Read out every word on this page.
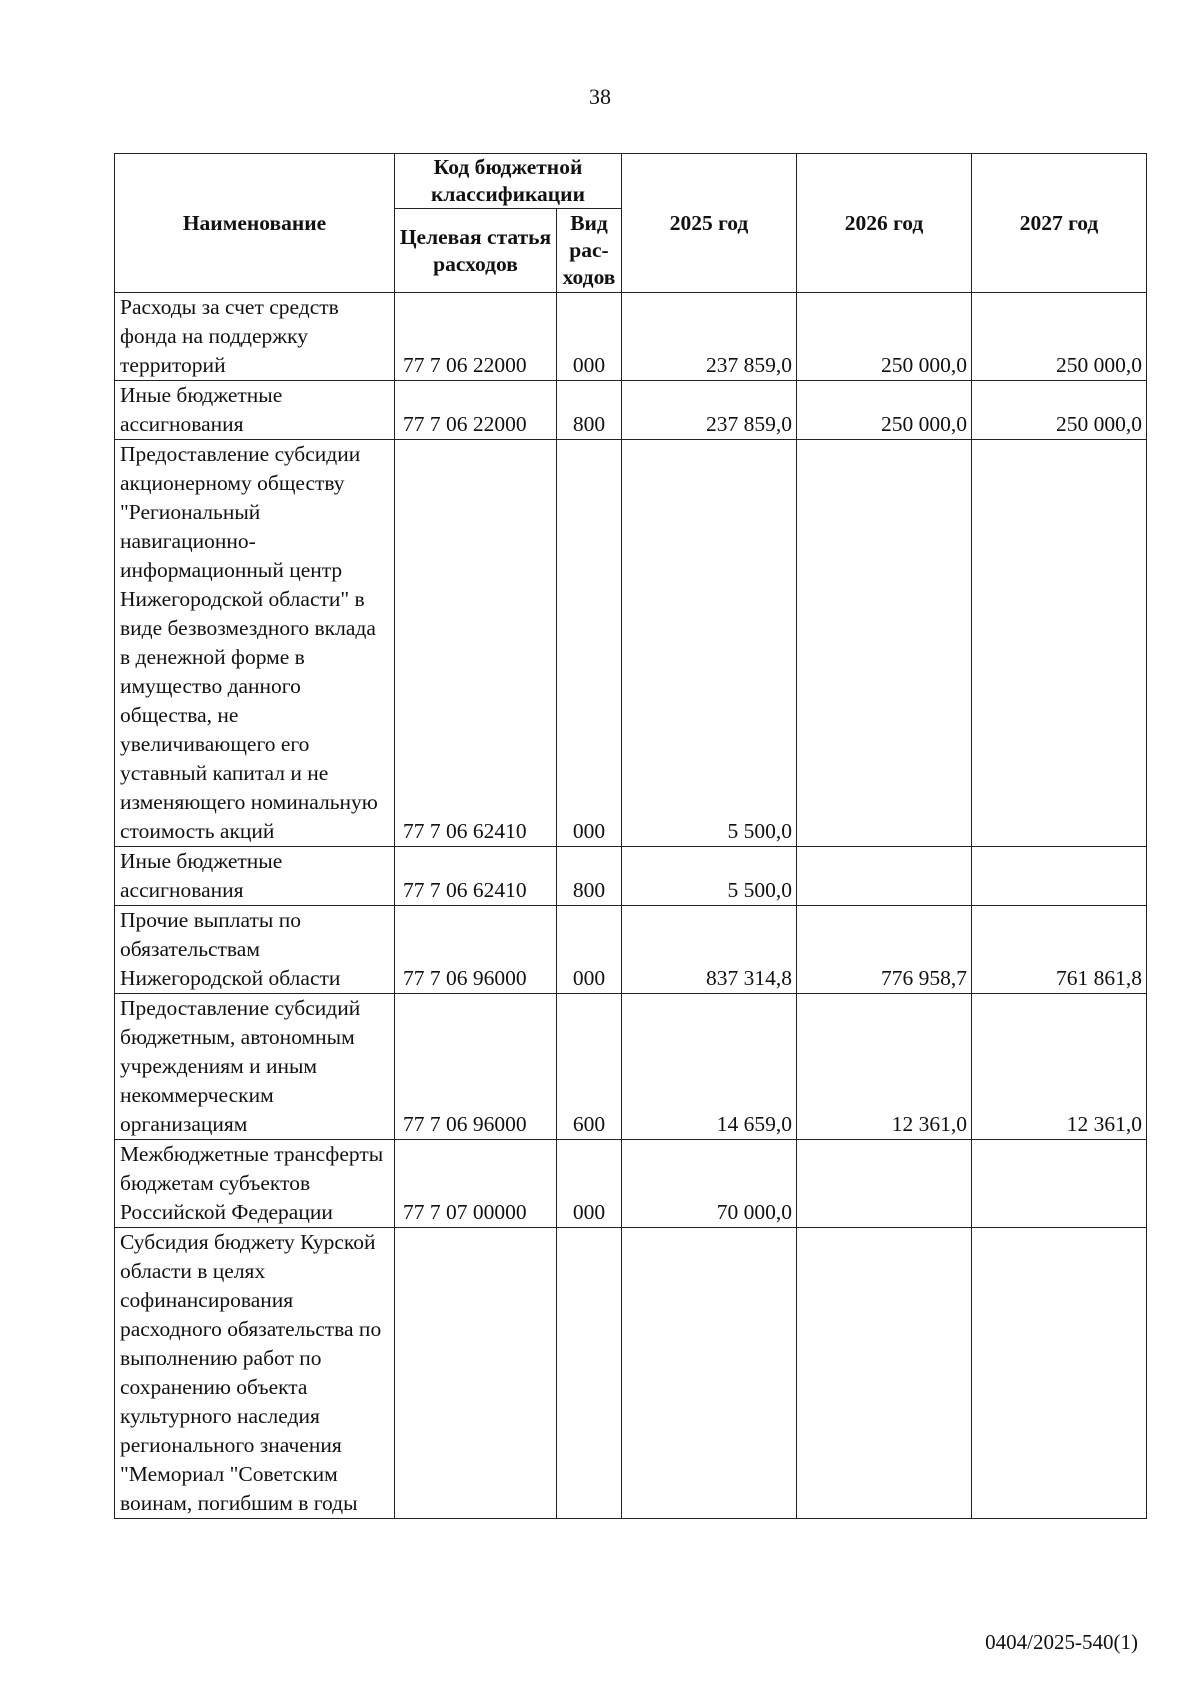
38
Наименование	Код бюджетной классификации		2025 год	2026 год	2027 год
	Целевая статья расходов	Вид рас-ходов			
Расходы за счет средств фонда на поддержку территорий	77 7 06 22000	000	237 859,0	250 000,0	250 000,0
Иные бюджетные ассигнования	77 7 06 22000	800	237 859,0	250 000,0	250 000,0
Предоставление субсидии акционерному обществу "Региональный навигационно-информационный центр Нижегородской области" в виде безвозмездного вклада в денежной форме в имущество данного общества, не увеличивающего его уставный капитал и не изменяющего номинальную стоимость акций	77 7 06 62410	000	5 500,0		
Иные бюджетные ассигнования	77 7 06 62410	800	5 500,0		
Прочие выплаты по обязательствам Нижегородской области	77 7 06 96000	000	837 314,8	776 958,7	761 861,8
Предоставление субсидий бюджетным, автономным учреждениям и иным некоммерческим организациям	77 7 06 96000	600	14 659,0	12 361,0	12 361,0
Межбюджетные трансферты бюджетам субъектов Российской Федерации	77 7 07 00000	000	70 000,0		
Субсидия бюджету Курской области в целях софинансирования расходного обязательства по выполнению работ по сохранению объекта культурного наследия регионального значения "Мемориал "Советским воинам, погибшим в годы					
0404/2025-540(1)
